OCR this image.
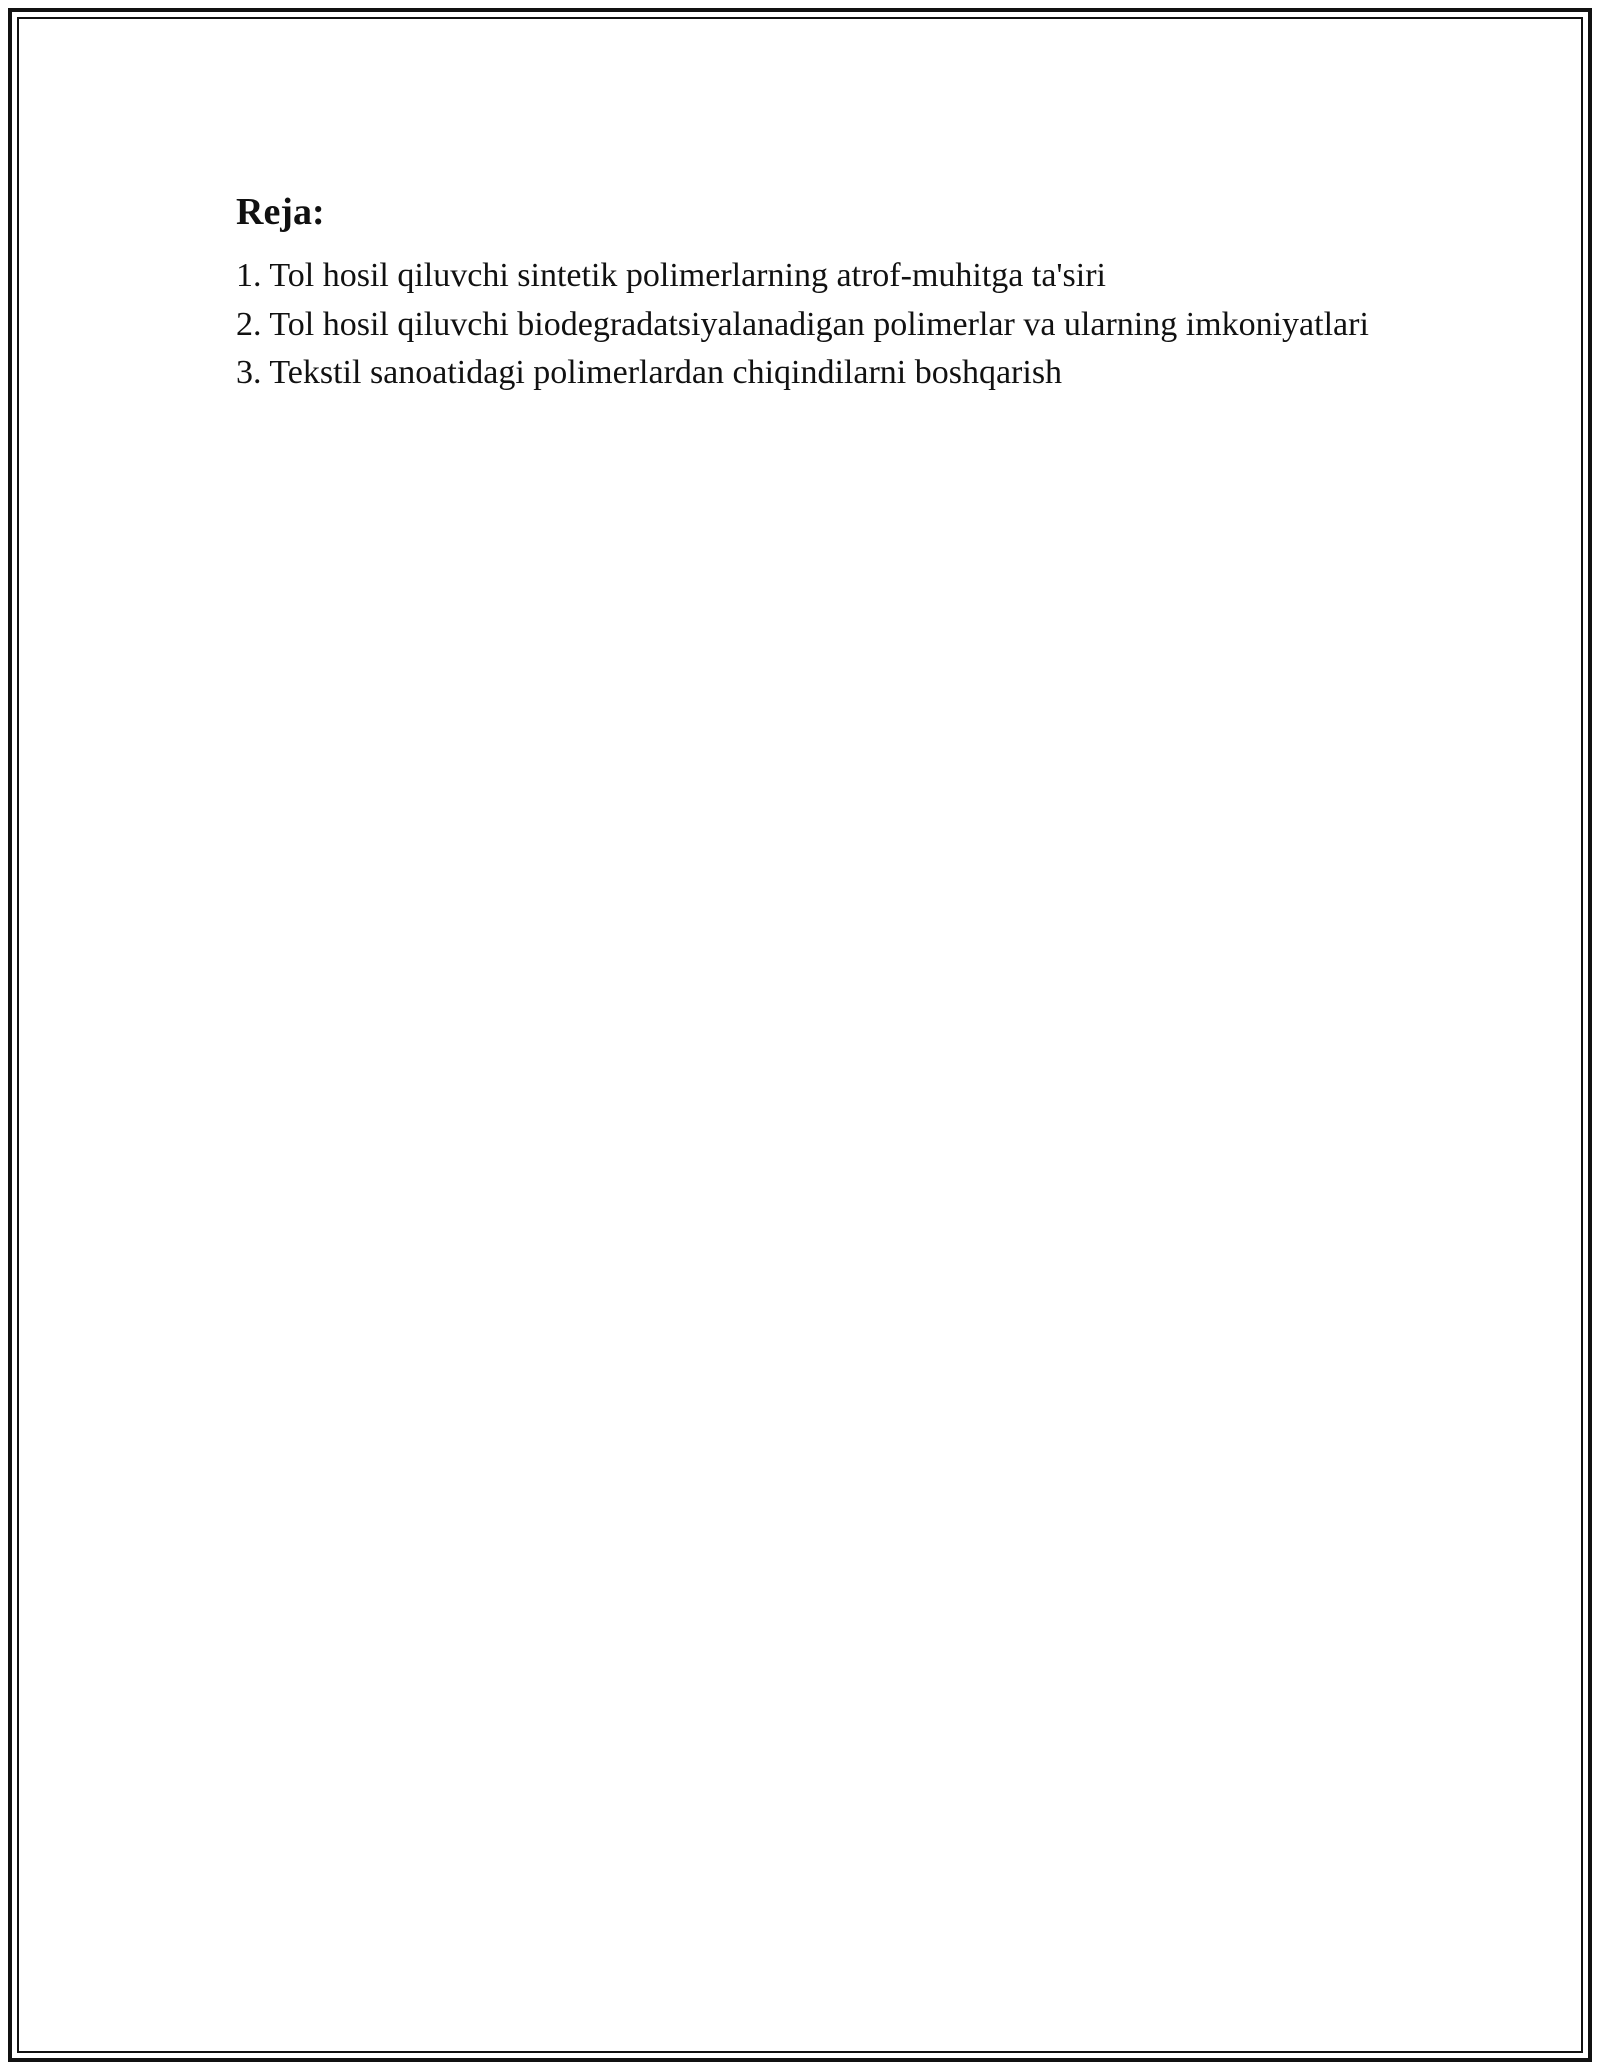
Reja:
1. Tol hosil qiluvchi sintetik polimerlarning atrof-muhitga ta'siri
2. Tol hosil qiluvchi biodegradatsiyalanadigan polimerlar va ularning imkoniyatlari
3. Tekstil sanoatidagi polimerlardan chiqindilarni boshqarish
